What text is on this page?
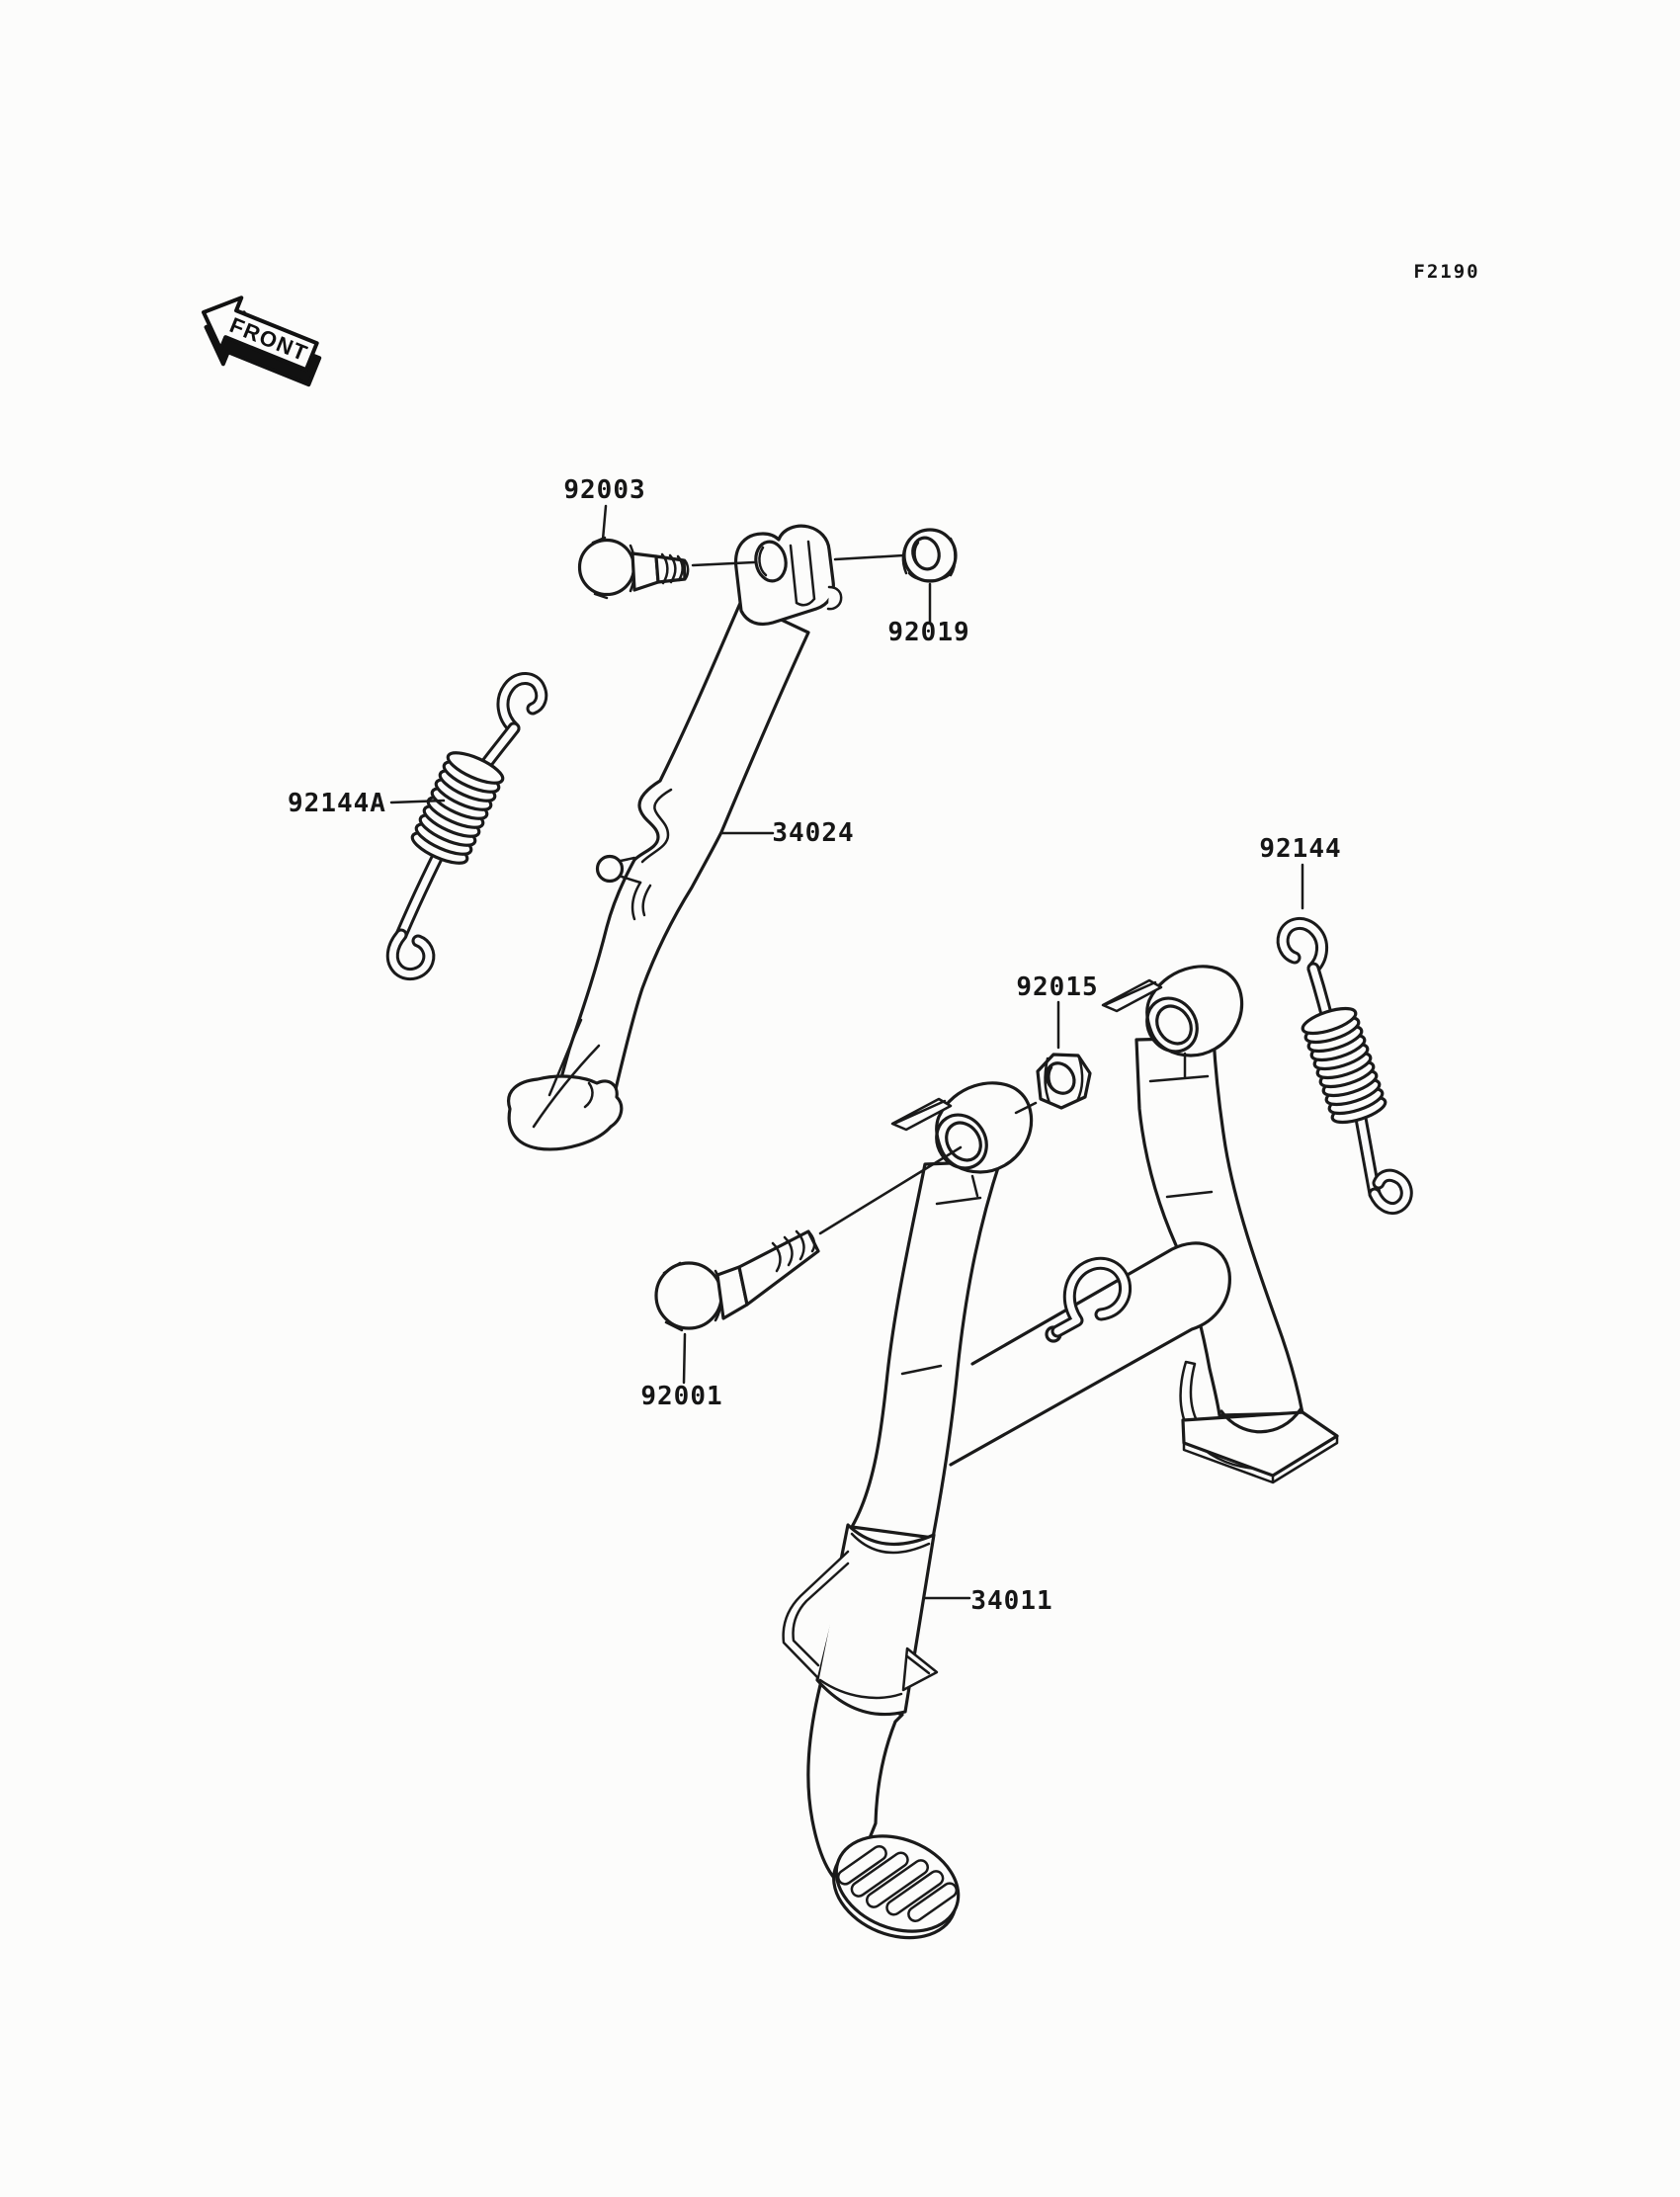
FRONT
F2190
92003
92019
92144A
34024
92144
92015
92001
34011
